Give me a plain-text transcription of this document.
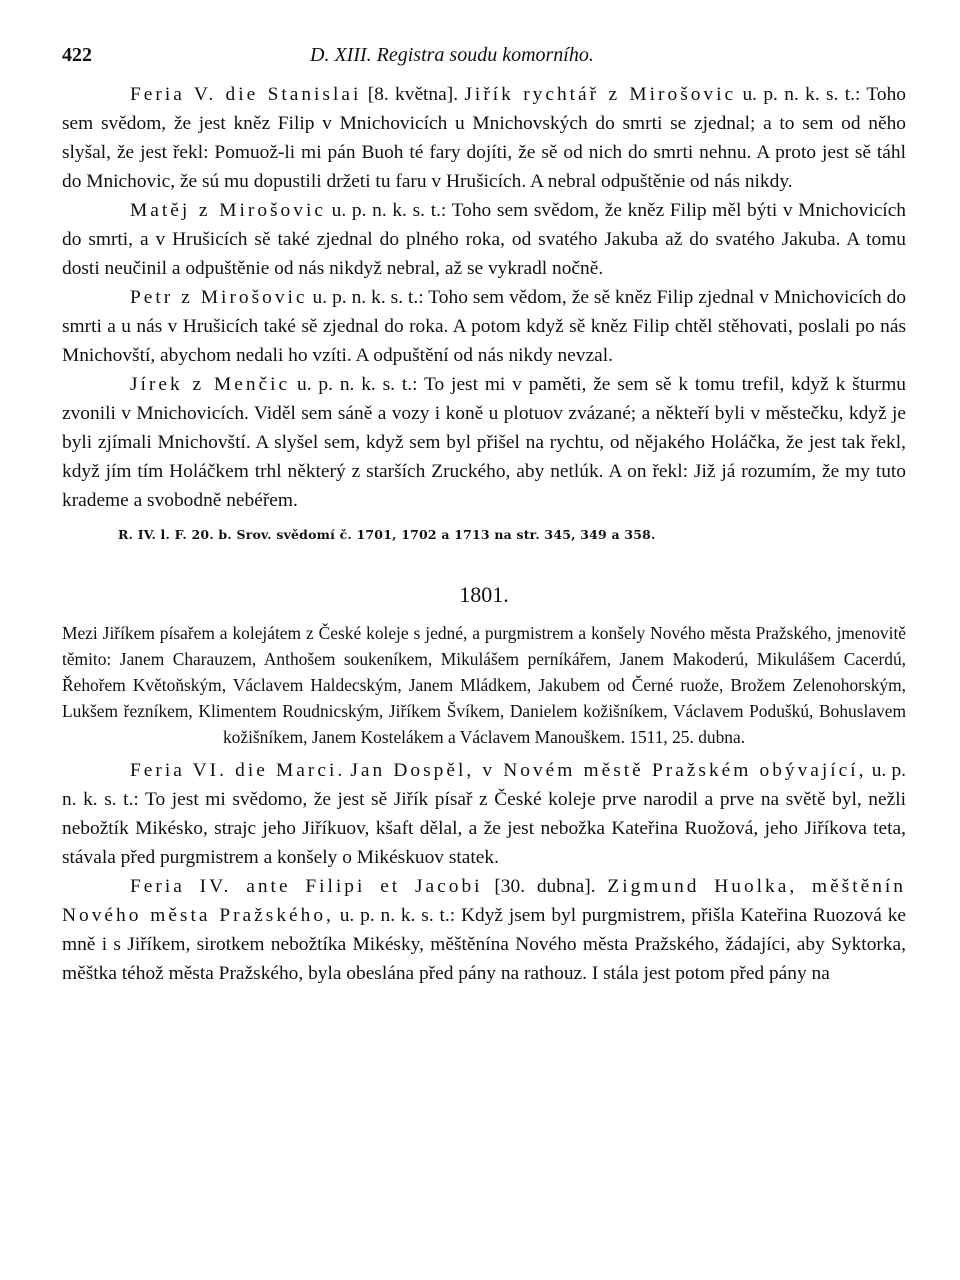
422	D. XIII. Registra soudu komorního.

Feria V. die Stanislai [8. května]. Jiřík rychtář z Mirošovic u. p. n. k. s. t.: Toho sem svědom, že jest kněz Filip v Mnichovicích u Mnichovských do smrti se zjednal; a to sem od něho slyšal, že jest řekl: Pomuož-li mi pán Buoh té fary dojíti, že sě od nich do smrti nehnu. A proto jest sě táhl do Mnichovic, že sú mu dopustili držeti tu faru v Hrušicích. A nebral odpuštěnie od nás nikdy.

Matěj z Mirošovic u. p. n. k. s. t.: Toho sem svědom, že kněz Filip měl býti v Mnichovicích do smrti, a v Hrušicích sě také zjednal do plného roka, od svatého Jakuba až do svatého Jakuba. A tomu dosti neučinil a odpuštěnie od nás nikdyž nebral, až se vykradl nočně.

Petr z Mirošovic u. p. n. k. s. t.: Toho sem vědom, že sě kněz Filip zjednal v Mnichovicích do smrti a u nás v Hrušicích také sě zjednal do roka. A potom když sě kněz Filip chtěl stěhovati, poslali po nás Mnichovští, abychom nedali ho vzíti. A odpuštění od nás nikdy nevzal.

Jírek z Menčic u. p. n. k. s. t.: To jest mi v paměti, že sem sě k tomu trefil, když k šturmu zvonili v Mnichovicích. Viděl sem sáně a vozy i koně u plotuov zvázané; a někteří byli v městečku, když je byli zjímali Mnichovští. A slyšel sem, když sem byl přišel na rychtu, od nějakého Holáčka, že jest tak řekl, když jím tím Holáčkem trhl některý z starších Zruckého, aby netlúk. A on řekl: Již já rozumím, že my tuto krademe a svobodně nebéřem.

R. IV. l. F. 20. b. Srov. svědomí č. 1701, 1702 a 1713 na str. 345, 349 a 358.
1801.

Mezi Jiříkem písařem a kolejátem z České koleje s jedné, a purgmistrem a konšely Nového města Pražského, jmenovitě těmito: Janem Charauzem, Anthošem soukeníkem, Mikulášem perníkářem, Janem Makoderú, Mikulášem Cacerdú, Řehořem Květoňským, Václavem Haldecským, Janem Mládkem, Jakubem od Černé ruože, Brožem Zelenohorským, Lukšem řezníkem, Klimentem Roudnicským, Jiříkem Švíkem, Danielem kožišníkem, Václavem Poduškú, Bohuslavem kožišníkem, Janem Kostelákem a Václavem Manouškem. 1511, 25. dubna.

Feria VI. die Marci. Jan Dospěl, v Novém městě Pražském obývající, u. p. n. k. s. t.: To jest mi svědomo, že jest sě Jiřík písař z České koleje prve narodil a prve na světě byl, nežli nebožtík Mikésko, strajc jeho Jiříkuov, kšaft dělal, a že jest nebožka Kateřina Ruožová, jeho Jiříkova teta, stávala před purgmistrem a konšely o Mikéskuov statek.

Feria IV. ante Filipi et Jacobi [30. dubna]. Zigmund Huolka, měštěnín Nového města Pražského, u. p. n. k. s. t.: Když jsem byl purgmistrem, přišla Kateřina Ruozová ke mně i s Jiříkem, sirotkem nebožtíka Mikésky, měštěnína Nového města Pražského, žádajíci, aby Syktorka, měštka téhož města Pražského, byla obeslána před pány na rathouz. I stála jest potom před pány na
